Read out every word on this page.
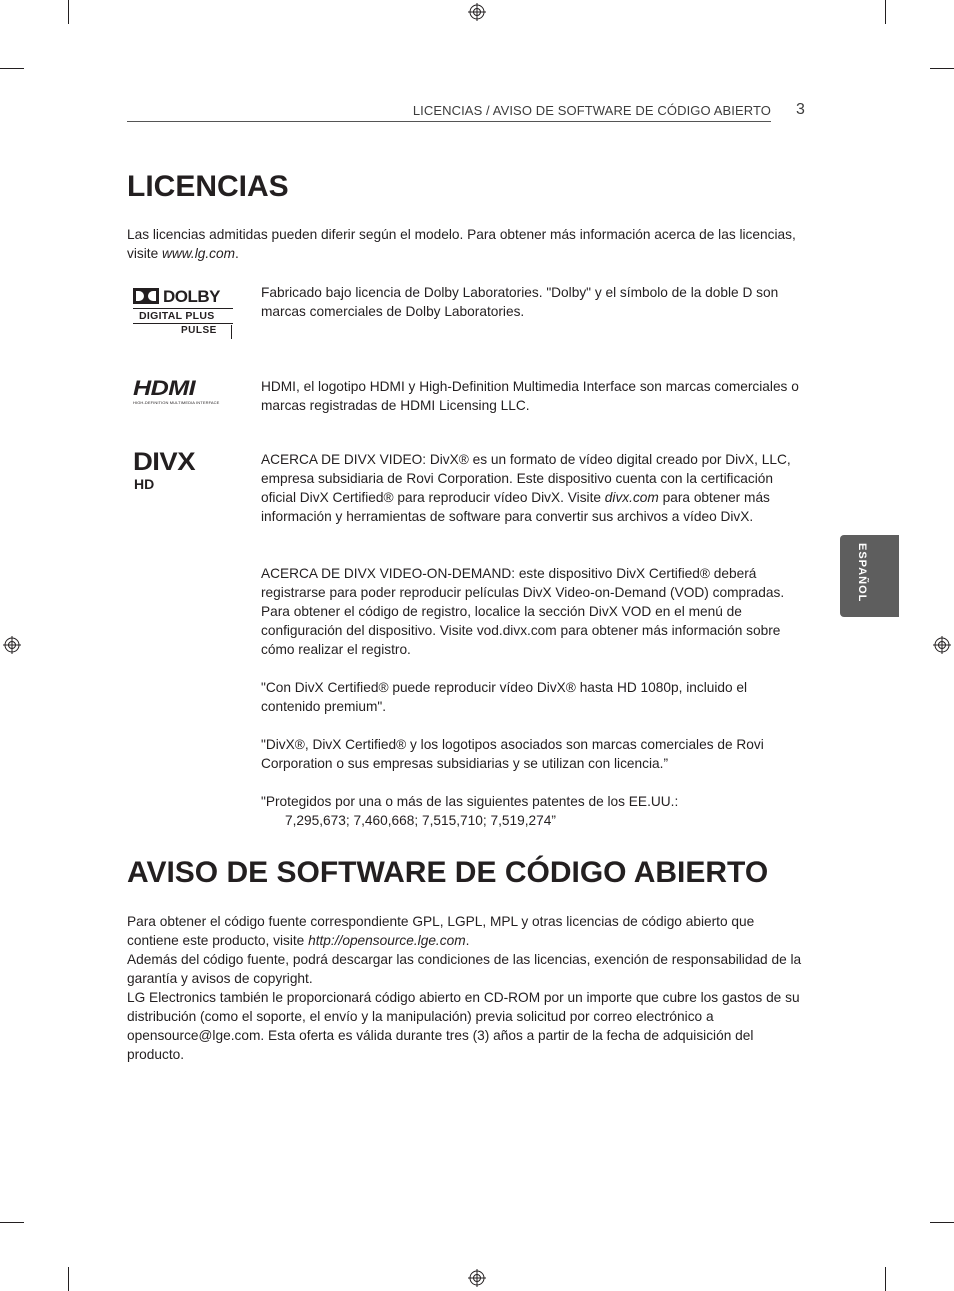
LICENCIAS / AVISO DE SOFTWARE DE CÓDIGO ABIERTO 3
ESPAÑOL
LICENCIAS

Las licencias admitidas pueden diferir según el modelo. Para obtener más información acerca de las licencias, visite www.lg.com.

DOLBY
DIGITAL PLUS
PULSE

Fabricado bajo licencia de Dolby Laboratories. "Dolby" y el símbolo de la doble D son marcas comerciales de Dolby Laboratories.

HDMI
HIGH-DEFINITION MULTIMEDIA INTERFACE

HDMI, el logotipo HDMI y High-Definition Multimedia Interface son marcas comerciales o marcas registradas de HDMI Licensing LLC.

DIVX
HD

ACERCA DE DIVX VIDEO: DivX® es un formato de vídeo digital creado por DivX, LLC, empresa subsidiaria de Rovi Corporation. Este dispositivo cuenta con la certificación oficial DivX Certified® para reproducir vídeo DivX. Visite divx.com para obtener más información y herramientas de software para convertir sus archivos a vídeo DivX.

ACERCA DE DIVX VIDEO-ON-DEMAND: este dispositivo DivX Certified® deberá registrarse para poder reproducir películas DivX Video-on-Demand (VOD) compradas. Para obtener el código de registro, localice la sección DivX VOD en el menú de configuración del dispositivo. Visite vod.divx.com para obtener más información sobre cómo realizar el registro.

"Con DivX Certified® puede reproducir vídeo DivX® hasta HD 1080p, incluido el contenido premium".

"DivX®, DivX Certified® y los logotipos asociados son marcas comerciales de Rovi Corporation o sus empresas subsidiarias y se utilizan con licencia.”

"Protegidos por una o más de las siguientes patentes de los EE.UU.:
7,295,673; 7,460,668; 7,515,710; 7,519,274”

AVISO DE SOFTWARE DE CÓDIGO ABIERTO

Para obtener el código fuente correspondiente GPL, LGPL, MPL y otras licencias de código abierto que contiene este producto, visite http://opensource.lge.com.

Además del código fuente, podrá descargar las condiciones de las licencias, exención de responsabilidad de la garantía y avisos de copyright.

LG Electronics también le proporcionará código abierto en CD-ROM por un importe que cubre los gastos de su distribución (como el soporte, el envío y la manipulación) previa solicitud por correo electrónico a opensource@lge.com. Esta oferta es válida durante tres (3) años a partir de la fecha de adquisición del producto.
